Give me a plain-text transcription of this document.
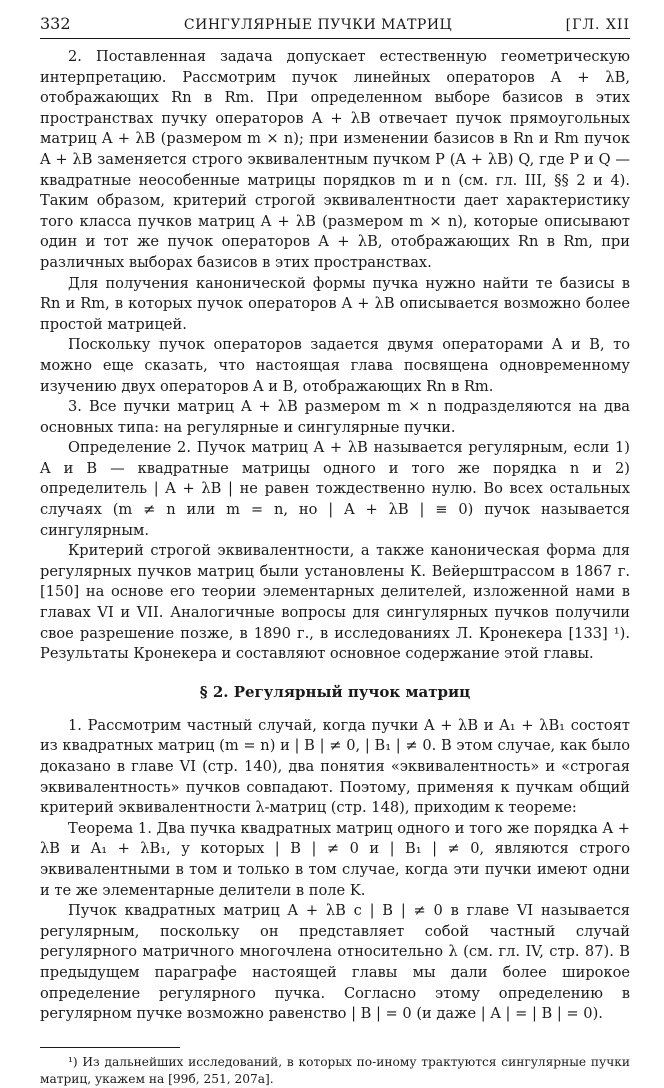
332	СИНГУЛЯРНЫЕ ПУЧКИ МАТРИЦ	[ГЛ. XII

2. Поставленная задача допускает естественную геометрическую интерпретацию. Рассмотрим пучок линейных операторов A + λB, отображающих Rn в Rm. При определенном выборе базисов в этих пространствах пучку операторов A + λB отвечает пучок прямоугольных матриц A + λB (размером m × n); при изменении базисов в Rn и Rm пучок A + λB заменяется строго эквивалентным пучком P (A + λB) Q, где P и Q — квадратные неособенные матрицы порядков m и n (см. гл. III, §§ 2 и 4). Таким образом, критерий строгой эквивалентности дает характеристику того класса пучков матриц A + λB (размером m × n), которые описывают один и тот же пучок операторов A + λB, отображающих Rn в Rm, при различных выборах базисов в этих пространствах.

Для получения канонической формы пучка нужно найти те базисы в Rn и Rm, в которых пучок операторов A + λB описывается возможно более простой матрицей.

Поскольку пучок операторов задается двумя операторами A и B, то можно еще сказать, что настоящая глава посвящена одновременному изучению двух операторов A и B, отображающих Rn в Rm.

3. Все пучки матриц A + λB размером m × n подразделяются на два основных типа: на регулярные и сингулярные пучки.

Определение 2. Пучок матриц A + λB называется регулярным, если 1) A и B — квадратные матрицы одного и того же порядка n и 2) определитель | A + λB | не равен тождественно нулю. Во всех остальных случаях (m ≠ n или m = n, но | A + λB | ≡ 0) пучок называется сингулярным.

Критерий строгой эквивалентности, а также каноническая форма для регулярных пучков матриц были установлены К. Вейерштрассом в 1867 г. [150] на основе его теории элементарных делителей, изложенной нами в главах VI и VII. Аналогичные вопросы для сингулярных пучков получили свое разрешение позже, в 1890 г., в исследованиях Л. Кронекера [133] ¹). Результаты Кронекера и составляют основное содержание этой главы.

§ 2. Регулярный пучок матриц

1. Рассмотрим частный случай, когда пучки A + λB и A₁ + λB₁ состоят из квадратных матриц (m = n) и | B | ≠ 0, | B₁ | ≠ 0. В этом случае, как было доказано в главе VI (стр. 140), два понятия «эквивалентность» и «строгая эквивалентность» пучков совпадают. Поэтому, применяя к пучкам общий критерий эквивалентности λ-матриц (стр. 148), приходим к теореме:

Теорема 1. Два пучка квадратных матриц одного и того же порядка A + λB и A₁ + λB₁, у которых | B | ≠ 0 и | B₁ | ≠ 0, являются строго эквивалентными в том и только в том случае, когда эти пучки имеют одни и те же элементарные делители в поле K.

Пучок квадратных матриц A + λB с | B | ≠ 0 в главе VI называется регулярным, поскольку он представляет собой частный случай регулярного матричного многочлена относительно λ (см. гл. IV, стр. 87). В предыдущем параграфе настоящей главы мы дали более широкое определение регулярного пучка. Согласно этому определению в регулярном пучке возможно равенство | B | = 0 (и даже | A | = | B | = 0).

¹) Из дальнейших исследований, в которых по-иному трактуются сингулярные пучки матриц, укажем на [99б, 251, 207а].
